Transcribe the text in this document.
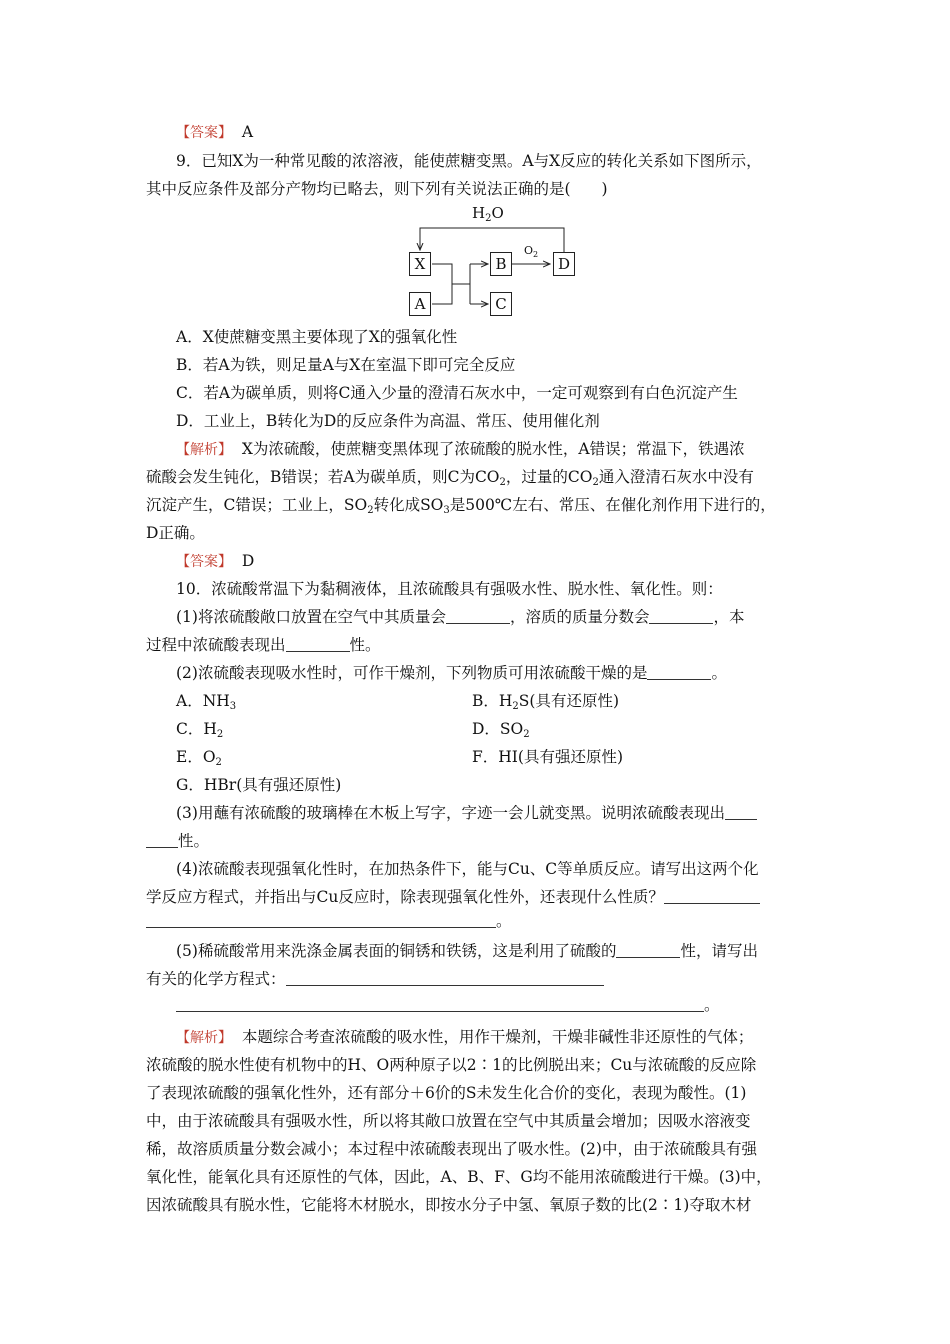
【答案】 A
9．已知X为一种常见酸的浓溶液，能使蔗糖变黑。A与X反应的转化关系如下图所示，
其中反应条件及部分产物均已略去，则下列有关说法正确的是(　　)
$H_2O$
$O_2$
X
A
B
C
D
A．X使蔗糖变黑主要体现了X的强氧化性
B．若A为铁，则足量A与X在室温下即可完全反应
C．若A为碳单质，则将C通入少量的澄清石灰水中，一定可观察到有白色沉淀产生
D．工业上，B转化为D的反应条件为高温、常压、使用催化剂
【解析】 X为浓硫酸，使蔗糖变黑体现了浓硫酸的脱水性，A错误；常温下，铁遇浓
硫酸会发生钝化，B错误；若A为碳单质，则C为$CO_2$，过量的$CO_2$通入澄清石灰水中没有
沉淀产生，C错误；工业上，$SO_2$转化成$SO_3$是500℃左右、常压、在催化剂作用下进行的，
D正确。
【答案】 D
10．浓硫酸常温下为黏稠液体，且浓硫酸具有强吸水性、脱水性、氧化性。则：
(1)将浓硫酸敞口放置在空气中其质量会	，溶质的质量分数会	，本
过程中浓硫酸表现出	性。
(2)浓硫酸表现吸水性时，可作干燥剂，下列物质可用浓硫酸干燥的是	。
A．$NH_3$	B．$H_2S$(具有还原性)
C．$H_2$	D．$SO_2$
E．$O_2$	F．HI(具有强还原性)
G．HBr(具有强还原性)
(3)用蘸有浓硫酸的玻璃棒在木板上写字，字迹一会儿就变黑。说明浓硫酸表现出
性。
(4)浓硫酸表现强氧化性时，在加热条件下，能与Cu、C等单质反应。请写出这两个化
学反应方程式，并指出与Cu反应时，除表现强氧化性外，还表现什么性质？
。
(5)稀硫酸常用来洗涤金属表面的铜锈和铁锈，这是利用了硫酸的	性，请写出
有关的化学方程式：
。
【解析】 本题综合考查浓硫酸的吸水性，用作干燥剂，干燥非碱性非还原性的气体；
浓硫酸的脱水性使有机物中的H、O两种原子以2∶1的比例脱出来；Cu与浓硫酸的反应除
了表现浓硫酸的强氧化性外，还有部分＋6价的S未发生化合价的变化，表现为酸性。(1)
中，由于浓硫酸具有强吸水性，所以将其敞口放置在空气中其质量会增加；因吸水溶液变
稀，故溶质质量分数会减小；本过程中浓硫酸表现出了吸水性。(2)中，由于浓硫酸具有强
氧化性，能氧化具有还原性的气体，因此，A、B、F、G均不能用浓硫酸进行干燥。(3)中，
因浓硫酸具有脱水性，它能将木材脱水，即按水分子中氢、氧原子数的比(2∶1)夺取木材
